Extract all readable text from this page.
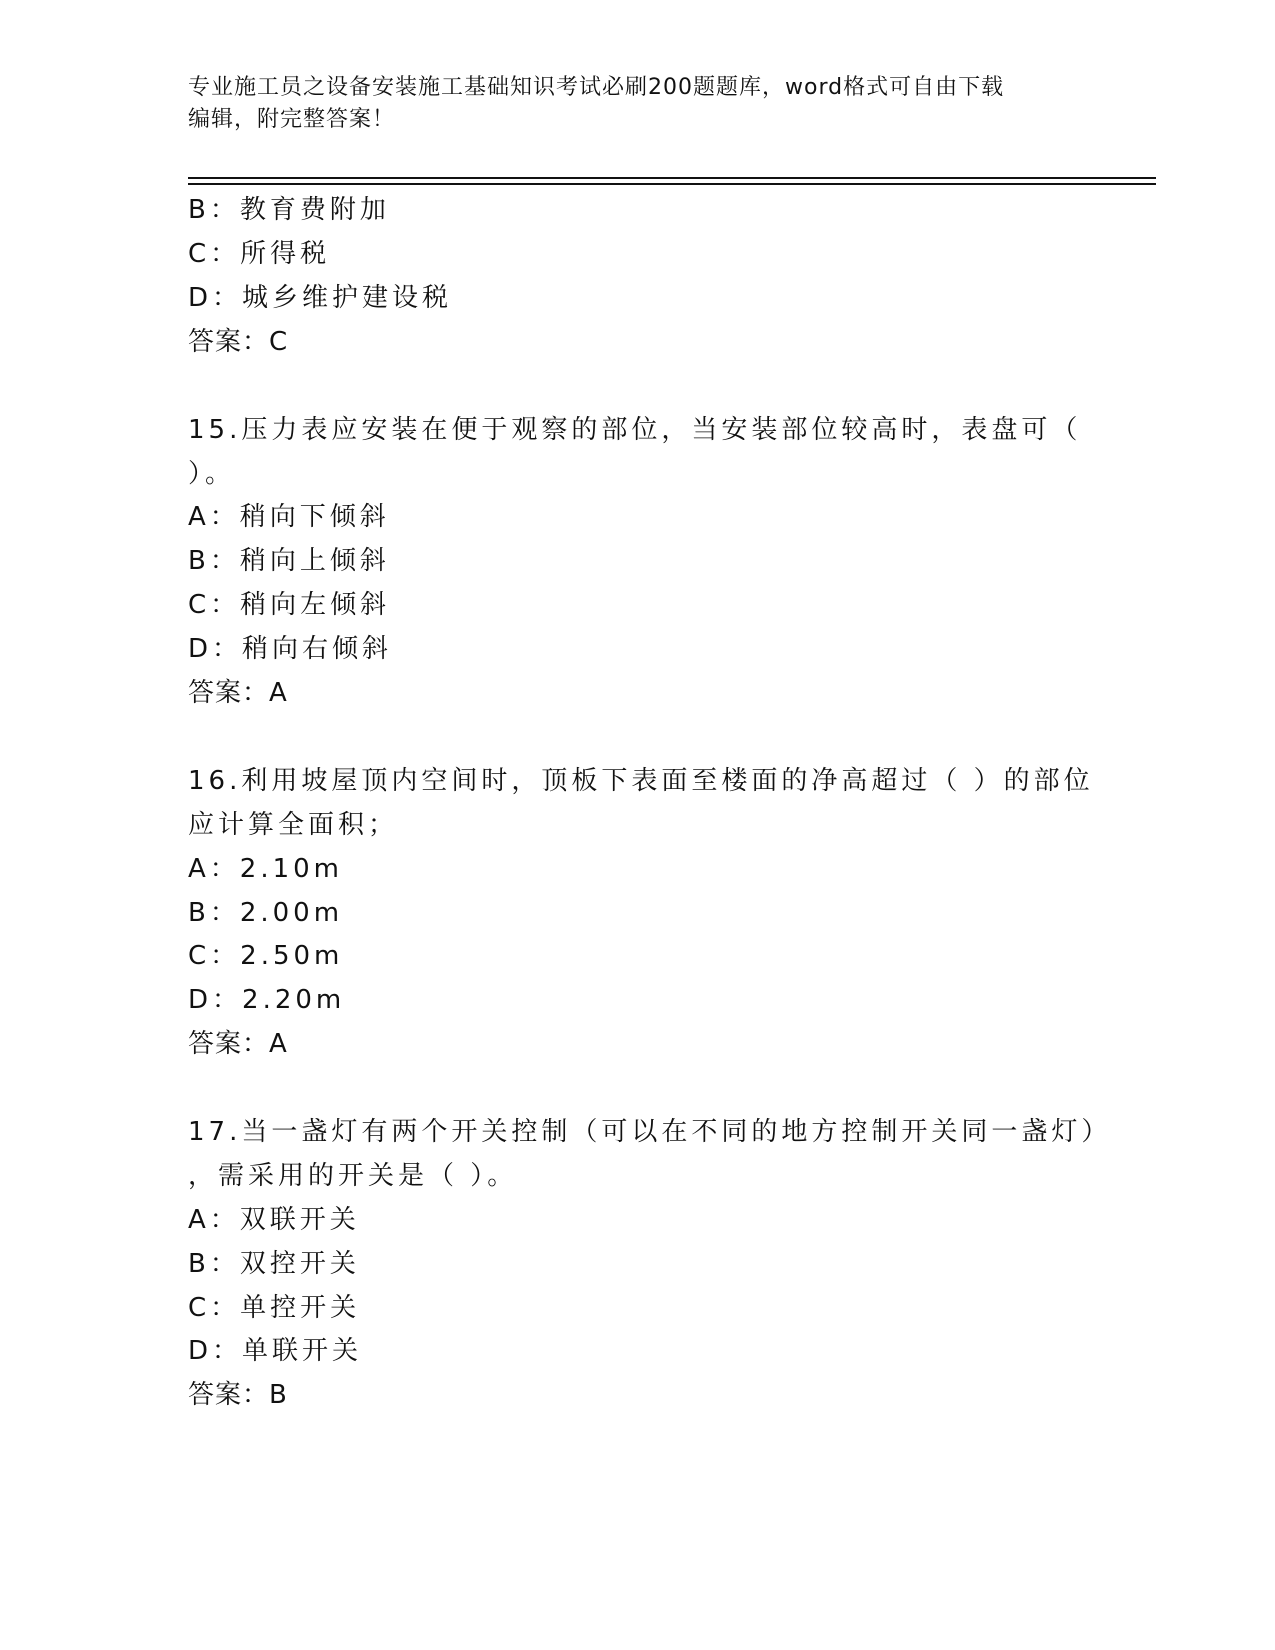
专业施工员之设备安装施工基础知识考试必刷200题题库，word格式可自由下载
编辑，附完整答案！
B：教育费附加
C：所得税
D：城乡维护建设税
答案：C
15.压力表应安装在便于观察的部位，当安装部位较高时，表盘可（
）。
A：稍向下倾斜
B：稍向上倾斜
C：稍向左倾斜
D：稍向右倾斜
答案：A
16.利用坡屋顶内空间时，顶板下表面至楼面的净高超过（ ）的部位
应计算全面积；
A：2.10m
B：2.00m
C：2.50m
D：2.20m
答案：A
17.当一盏灯有两个开关控制（可以在不同的地方控制开关同一盏灯）
，需采用的开关是（ ）。
A：双联开关
B：双控开关
C：单控开关
D：单联开关
答案：B
